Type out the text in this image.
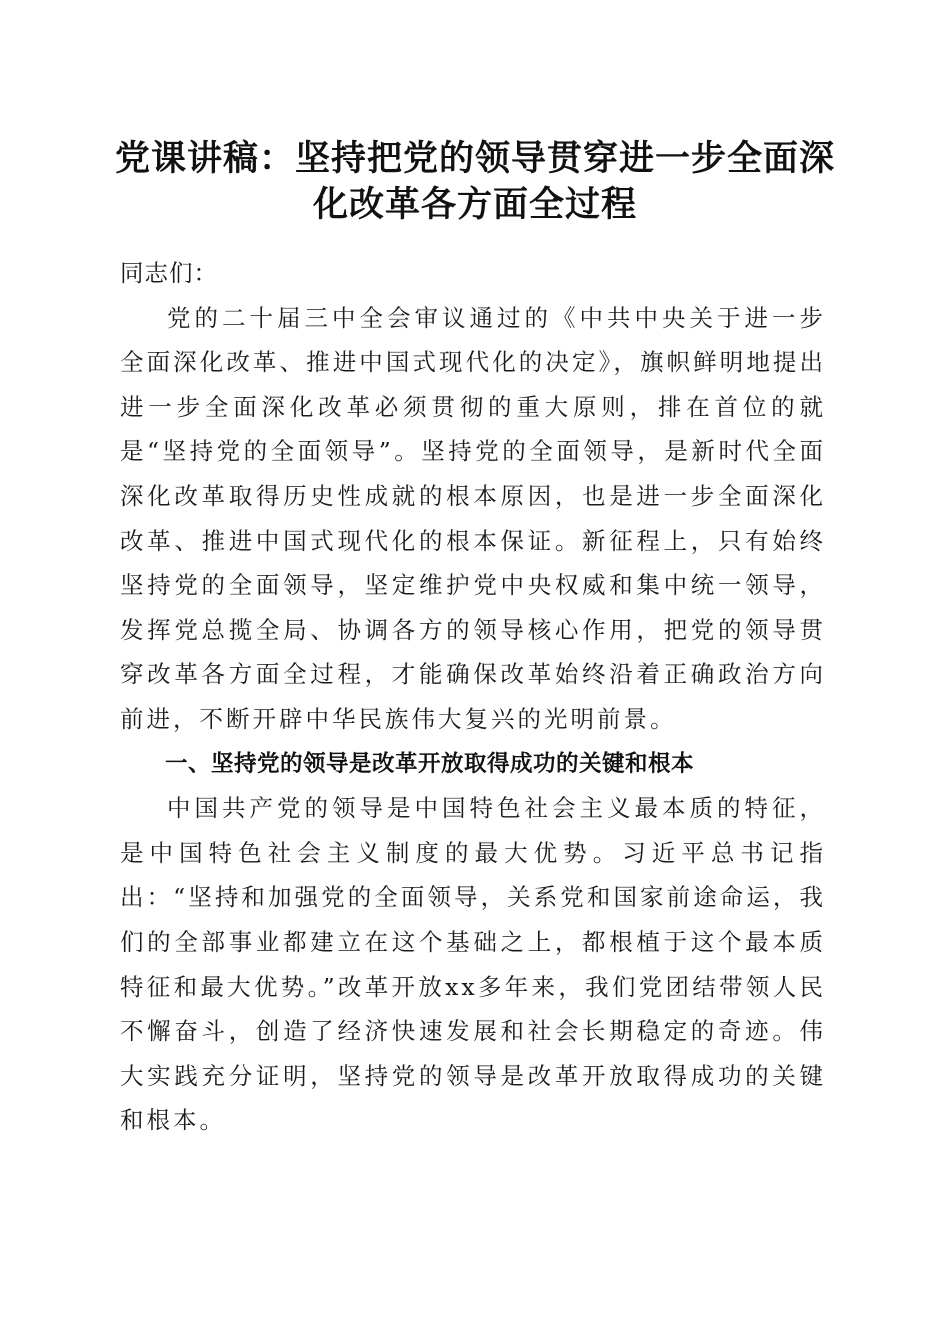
党课讲稿：坚持把党的领导贯穿进一步全面深化改革各方面全过程

同志们：

党的二十届三中全会审议通过的《中共中央关于进一步全面深化改革、推进中国式现代化的决定》，旗帜鲜明地提出进一步全面深化改革必须贯彻的重大原则，排在首位的就是“坚持党的全面领导”。坚持党的全面领导，是新时代全面深化改革取得历史性成就的根本原因，也是进一步全面深化改革、推进中国式现代化的根本保证。新征程上，只有始终坚持党的全面领导，坚定维护党中央权威和集中统一领导，发挥党总揽全局、协调各方的领导核心作用，把党的领导贯穿改革各方面全过程，才能确保改革始终沿着正确政治方向前进，不断开辟中华民族伟大复兴的光明前景。

一、坚持党的领导是改革开放取得成功的关键和根本

中国共产党的领导是中国特色社会主义最本质的特征，是中国特色社会主义制度的最大优势。习近平总书记指出：“坚持和加强党的全面领导，关系党和国家前途命运，我们的全部事业都建立在这个基础之上，都根植于这个最本质特征和最大优势。”改革开放xx多年来，我们党团结带领人民不懈奋斗，创造了经济快速发展和社会长期稳定的奇迹。伟大实践充分证明，坚持党的领导是改革开放取得成功的关键和根本。
